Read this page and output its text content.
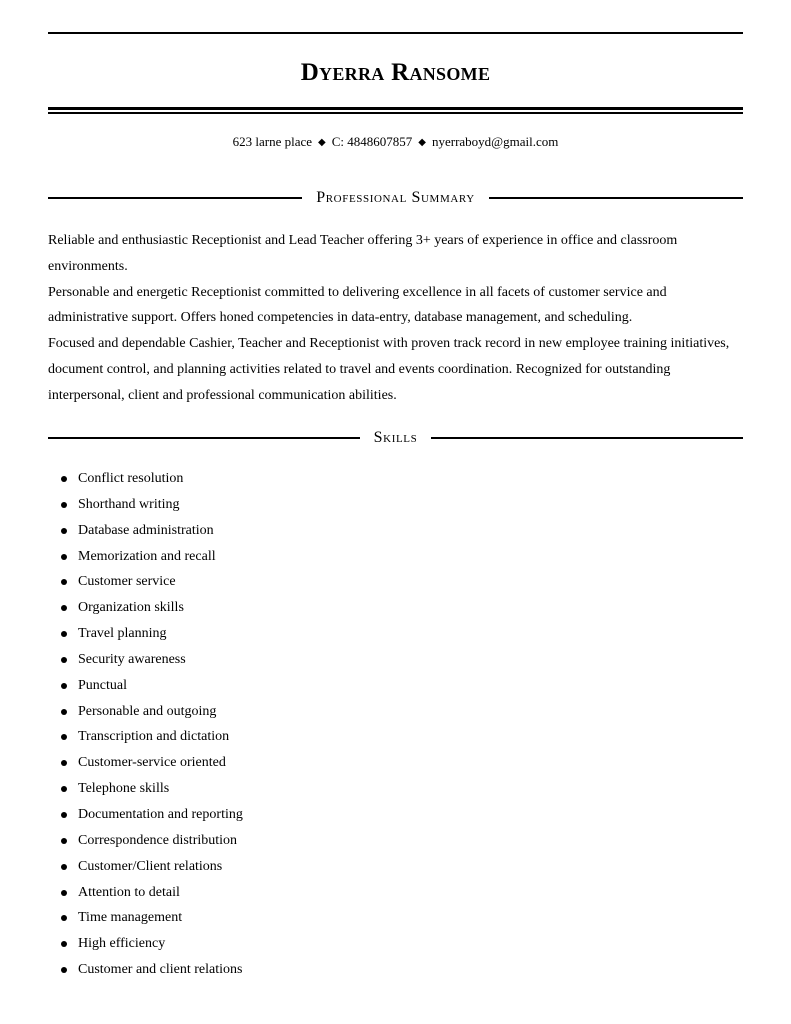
Dyerra Ransome
623 larne place ◆ C: 4848607857 ◆ nyerraboyd@gmail.com
Professional Summary

Reliable and enthusiastic Receptionist and Lead Teacher offering 3+ years of experience in office and classroom environments.

Personable and energetic Receptionist committed to delivering excellence in all facets of customer service and administrative support. Offers honed competencies in data-entry, database management, and scheduling.

Focused and dependable Cashier, Teacher and Receptionist with proven track record in new employee training initiatives, document control, and planning activities related to travel and events coordination. Recognized for outstanding interpersonal, client and professional communication abilities.

Skills
Conflict resolution
Shorthand writing
Database administration
Memorization and recall
Customer service
Organization skills
Travel planning
Security awareness
Punctual
Personable and outgoing
Transcription and dictation
Customer-service oriented
Telephone skills
Documentation and reporting
Correspondence distribution
Customer/Client relations
Attention to detail
Time management
High efficiency
Customer and client relations
